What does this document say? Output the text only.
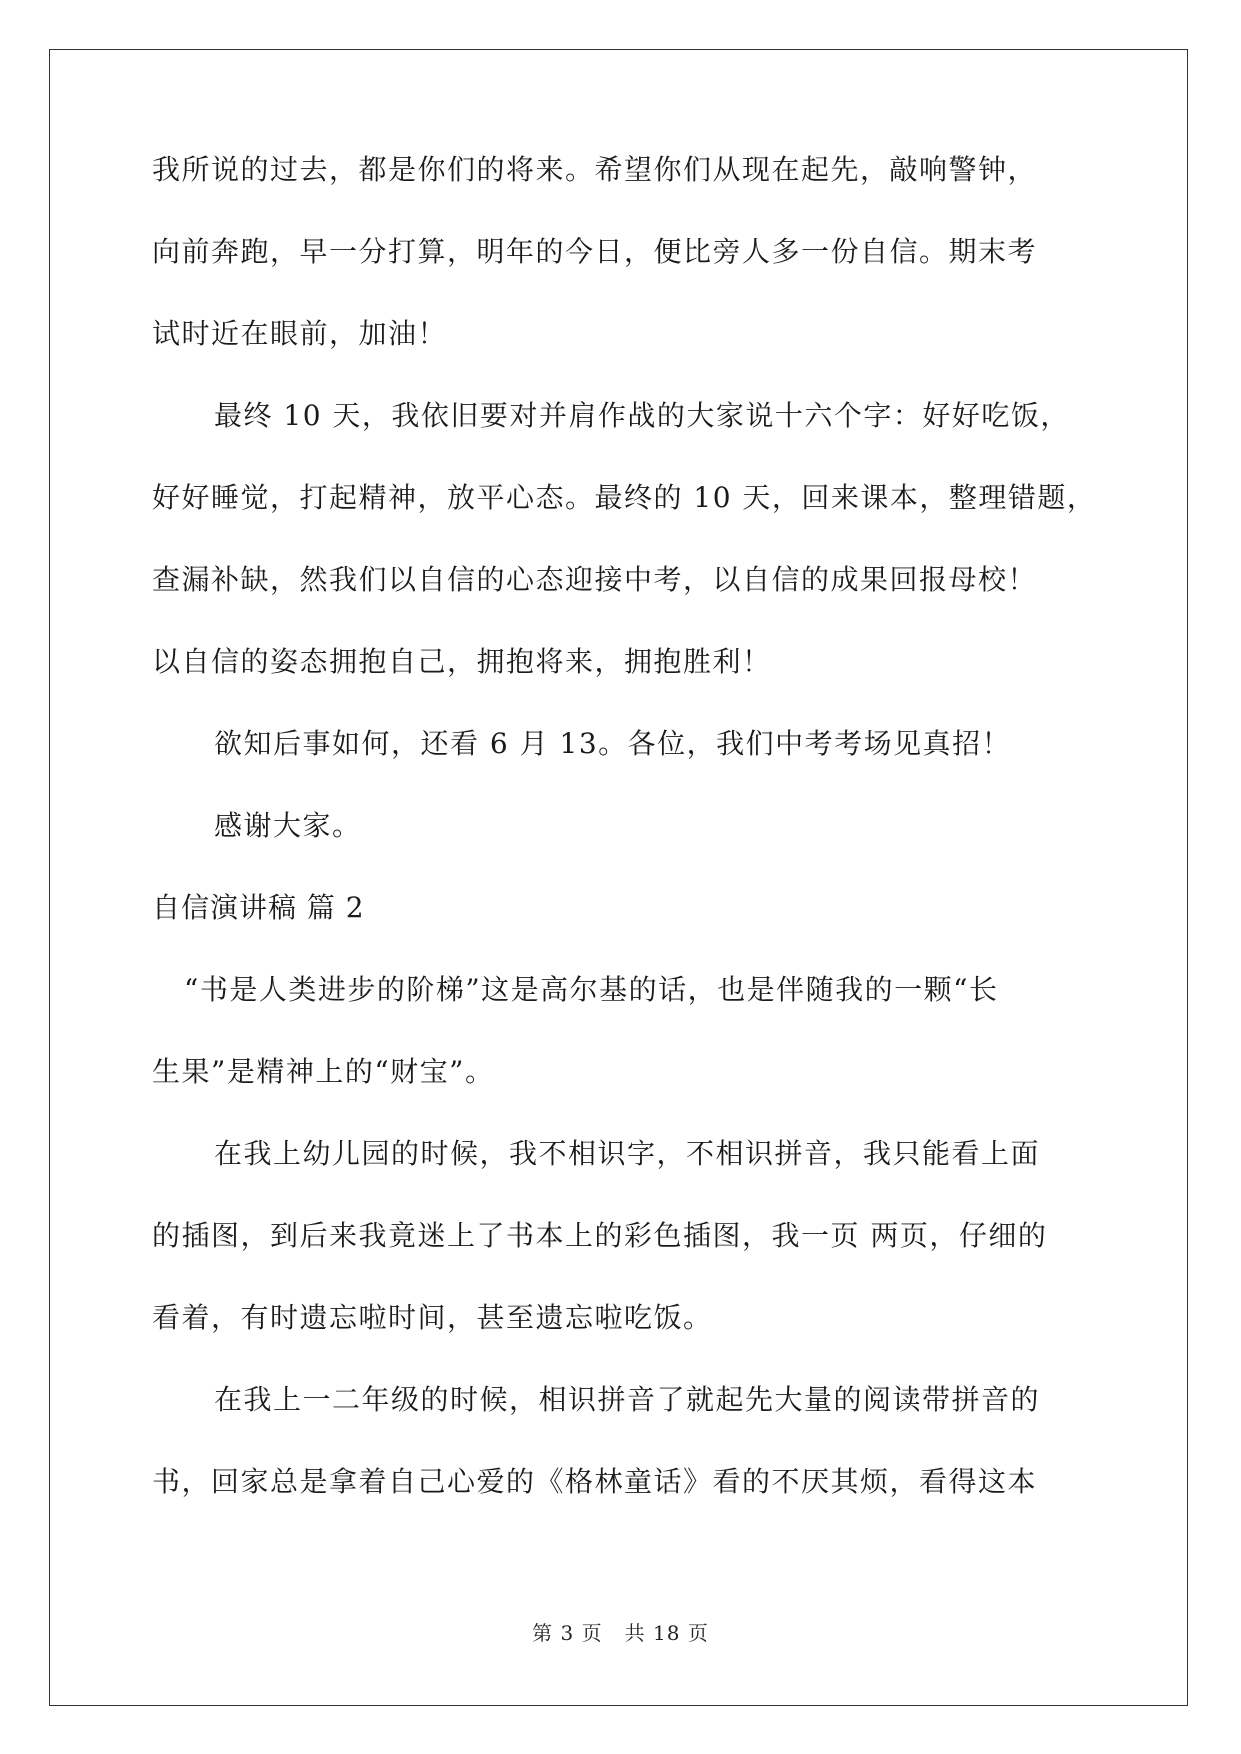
我所说的过去，都是你们的将来。希望你们从现在起先，敲响警钟，
向前奔跑，早一分打算，明年的今日，便比旁人多一份自信。期末考
试时近在眼前，加油！
最终 10 天，我依旧要对并肩作战的大家说十六个字：好好吃饭，
好好睡觉，打起精神，放平心态。最终的 10 天，回来课本，整理错题，
查漏补缺，然我们以自信的心态迎接中考，以自信的成果回报母校！
以自信的姿态拥抱自己，拥抱将来，拥抱胜利！
欲知后事如何，还看 6 月 13。各位，我们中考考场见真招！
感谢大家。
自信演讲稿 篇 2
“书是人类进步的阶梯”这是高尔基的话，也是伴随我的一颗“长
生果”是精神上的“财宝”。
在我上幼儿园的时候，我不相识字，不相识拼音，我只能看上面
的插图，到后来我竟迷上了书本上的彩色插图，我一页 两页，仔细的
看着，有时遗忘啦时间，甚至遗忘啦吃饭。
在我上一二年级的时候，相识拼音了就起先大量的阅读带拼音的
书，回家总是拿着自己心爱的《格林童话》看的不厌其烦，看得这本
第 3 页 共 18 页
